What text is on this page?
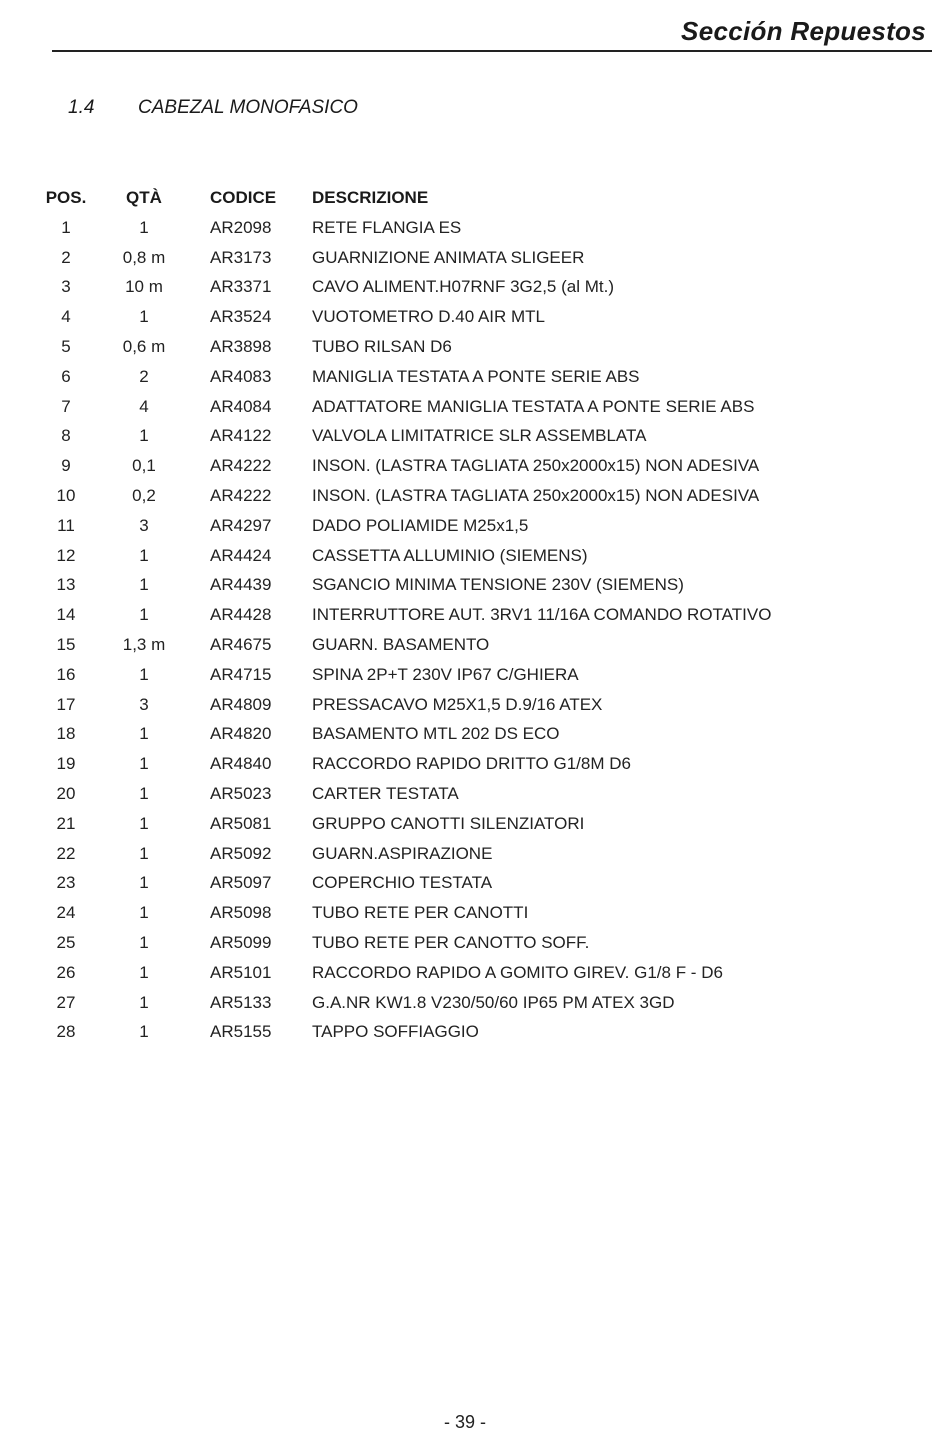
Sección Repuestos
1.4 CABEZAL MONOFASICO
POS.	QTÀ	CODICE DESCRIZIONE
1	1	AR2098 RETE FLANGIA ES
2	0,8 m	AR3173 GUARNIZIONE ANIMATA SLIGEER
3	10 m	AR3371 CAVO ALIMENT.H07RNF 3G2,5 (al Mt.)
4	1	AR3524 VUOTOMETRO D.40 AIR MTL
5	0,6 m	AR3898 TUBO RILSAN D6
6	2	AR4083 MANIGLIA TESTATA A PONTE SERIE ABS
7	4	AR4084 ADATTATORE MANIGLIA TESTATA A PONTE SERIE ABS
8	1	AR4122 VALVOLA LIMITATRICE SLR ASSEMBLATA
9	0,1	AR4222 INSON. (LASTRA TAGLIATA 250x2000x15) NON ADESIVA
10	0,2	AR4222 INSON. (LASTRA TAGLIATA 250x2000x15) NON ADESIVA
11	3	AR4297 DADO POLIAMIDE M25x1,5
12	1	AR4424 CASSETTA ALLUMINIO (SIEMENS)
13	1	AR4439 SGANCIO MINIMA TENSIONE 230V (SIEMENS)
14	1	AR4428 INTERRUTTORE AUT. 3RV1 11/16A COMANDO ROTATIVO
15	1,3 m	AR4675 GUARN. BASAMENTO
16	1	AR4715 SPINA 2P+T 230V IP67 C/GHIERA
17	3	AR4809 PRESSACAVO M25X1,5 D.9/16 ATEX
18	1	AR4820 BASAMENTO MTL 202 DS ECO
19	1	AR4840 RACCORDO RAPIDO DRITTO G1/8M D6
20	1	AR5023 CARTER TESTATA
21	1	AR5081 GRUPPO CANOTTI SILENZIATORI
22	1	AR5092 GUARN.ASPIRAZIONE
23	1	AR5097 COPERCHIO TESTATA
24	1	AR5098 TUBO RETE PER CANOTTI
25	1	AR5099 TUBO RETE PER CANOTTO SOFF.
26	1	AR5101 RACCORDO RAPIDO A GOMITO GIREV. G1/8 F - D6
27	1	AR5133 G.A.NR KW1.8 V230/50/60 IP65 PM ATEX 3GD
28	1	AR5155 TAPPO SOFFIAGGIO
- 39 -
